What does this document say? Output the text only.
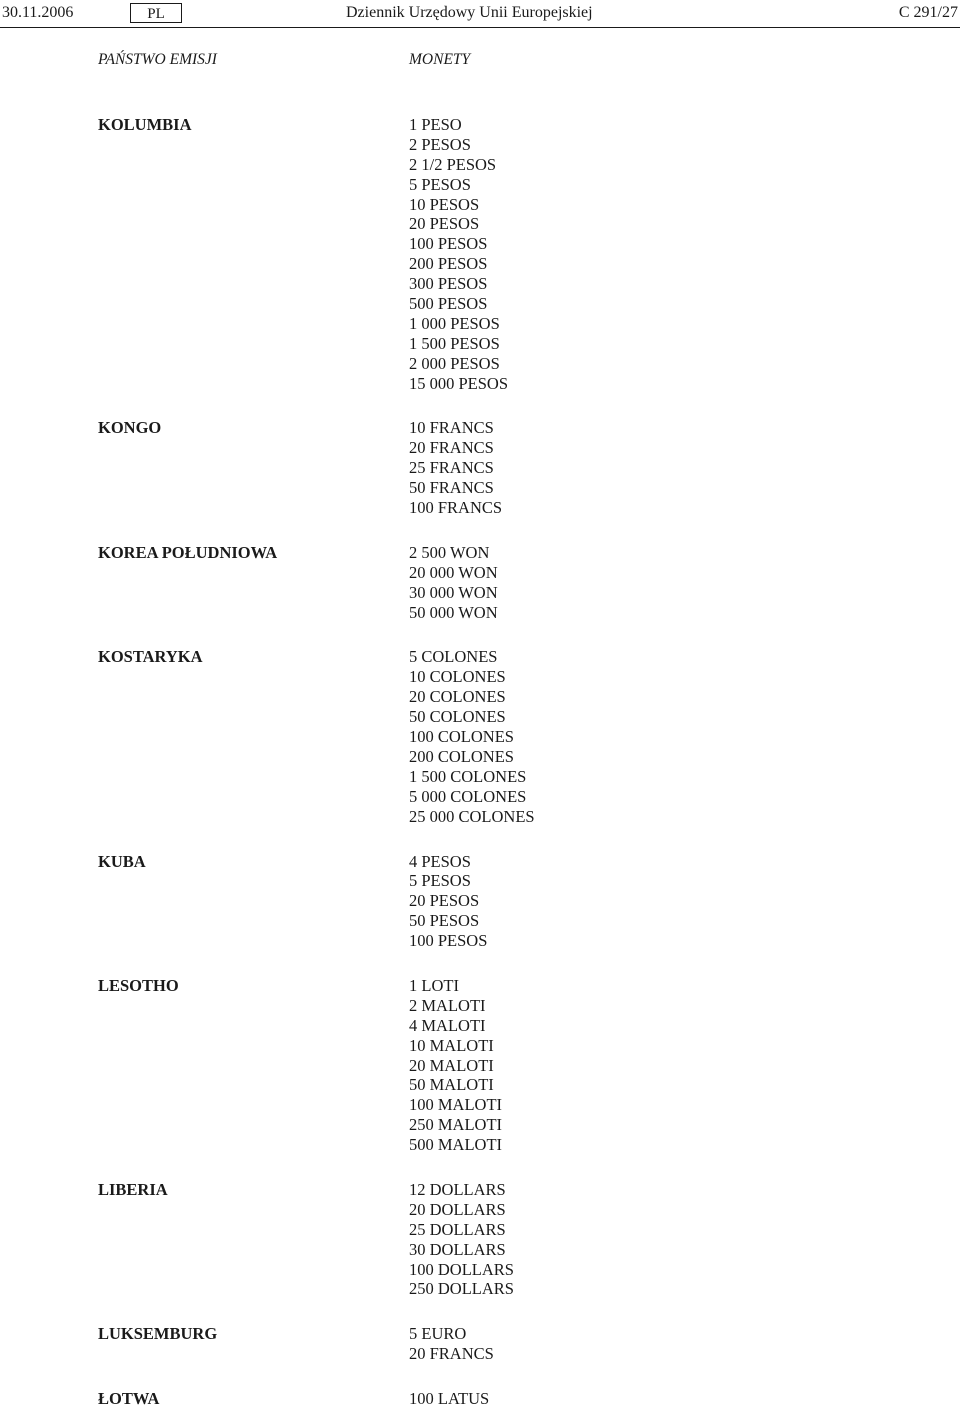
30.11.2006	PL	Dziennik Urzędowy Unii Europejskiej	C 291/27
PAŃSTWO EMISJI	MONETY
KOLUMBIA	1 PESO
2 PESOS
2 1/2 PESOS
5 PESOS
10 PESOS
20 PESOS
100 PESOS
200 PESOS
300 PESOS
500 PESOS
1 000 PESOS
1 500 PESOS
2 000 PESOS
15 000 PESOS
KONGO	10 FRANCS
20 FRANCS
25 FRANCS
50 FRANCS
100 FRANCS
KOREA POŁUDNIOWA	2 500 WON
20 000 WON
30 000 WON
50 000 WON
KOSTARYKA	5 COLONES
10 COLONES
20 COLONES
50 COLONES
100 COLONES
200 COLONES
1 500 COLONES
5 000 COLONES
25 000 COLONES
KUBA	4 PESOS
5 PESOS
20 PESOS
50 PESOS
100 PESOS
LESOTHO	1 LOTI
2 MALOTI
4 MALOTI
10 MALOTI
20 MALOTI
50 MALOTI
100 MALOTI
250 MALOTI
500 MALOTI
LIBERIA	12 DOLLARS
20 DOLLARS
25 DOLLARS
30 DOLLARS
100 DOLLARS
250 DOLLARS
LUKSEMBURG	5 EURO
20 FRANCS
ŁOTWA	100 LATUS
